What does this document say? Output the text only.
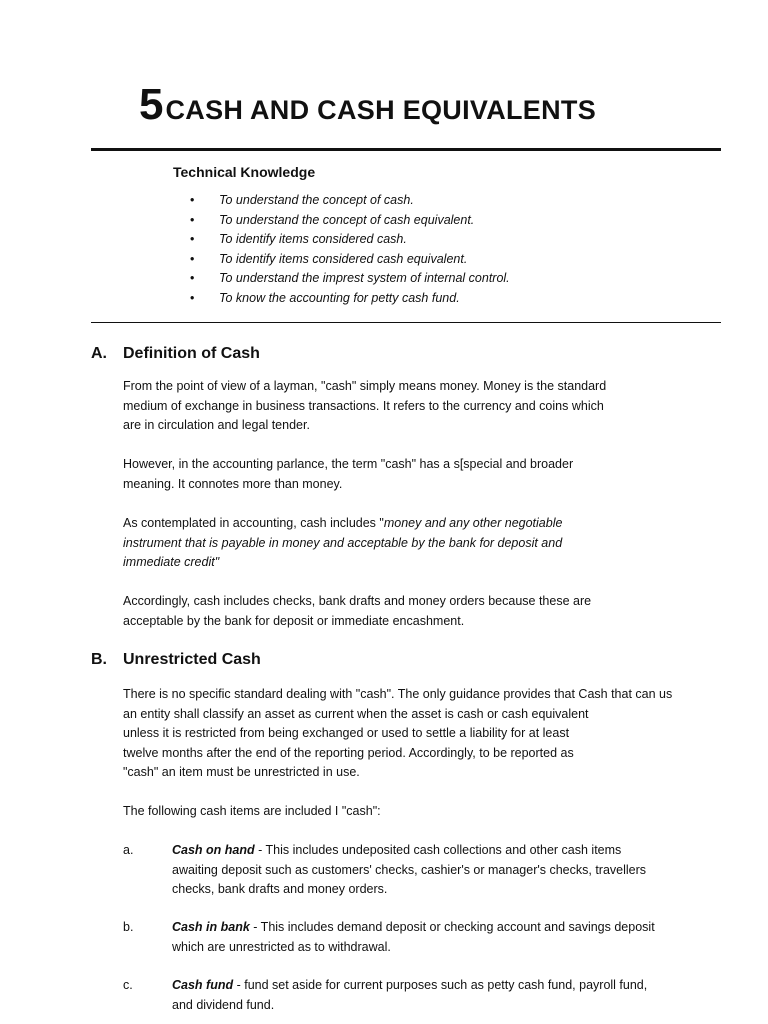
5CASH AND CASH EQUIVALENTS
Technical Knowledge
• To understand the concept of cash.
• To understand the concept of cash equivalent.
• To identify items considered cash.
• To identify items considered cash equivalent.
• To understand the imprest system of internal control.
• To know the accounting for petty cash fund.
A. Definition of Cash

From the point of view of a layman, "cash" simply means money. Money is the standard

medium of exchange in business transactions. It refers to the currency and coins which

are in circulation and legal tender.

However, in the accounting parlance, the term "cash" has a s[special and broader

meaning. It connotes more than money.

As contemplated in accounting, cash includes "money and any other negotiable

instrument that is payable in money and acceptable by the bank for deposit and

immediate credit"

Accordingly, cash includes checks, bank drafts and money orders because these are

acceptable by the bank for deposit or immediate encashment.

B. Unrestricted Cash

There is no specific standard dealing with "cash". The only guidance provides that Cash that can us

an entity shall classify an asset as current when the asset is cash or cash equivalent

unless it is restricted from being exchanged or used to settle a liability for at least

twelve months after the end of the reporting period. Accordingly, to be reported as

"cash" an item must be unrestricted in use.

The following cash items are included I "cash":

a.	Cash on hand - This includes undeposited cash collections and other cash items
awaiting deposit such as customers' checks, cashier's or manager's checks, travellers
checks, bank drafts and money orders.
b.	Cash in bank - This includes demand deposit or checking account and savings deposit
which are unrestricted as to withdrawal.
c.	Cash fund - fund set aside for current purposes such as petty cash fund, payroll fund,
and dividend fund.
